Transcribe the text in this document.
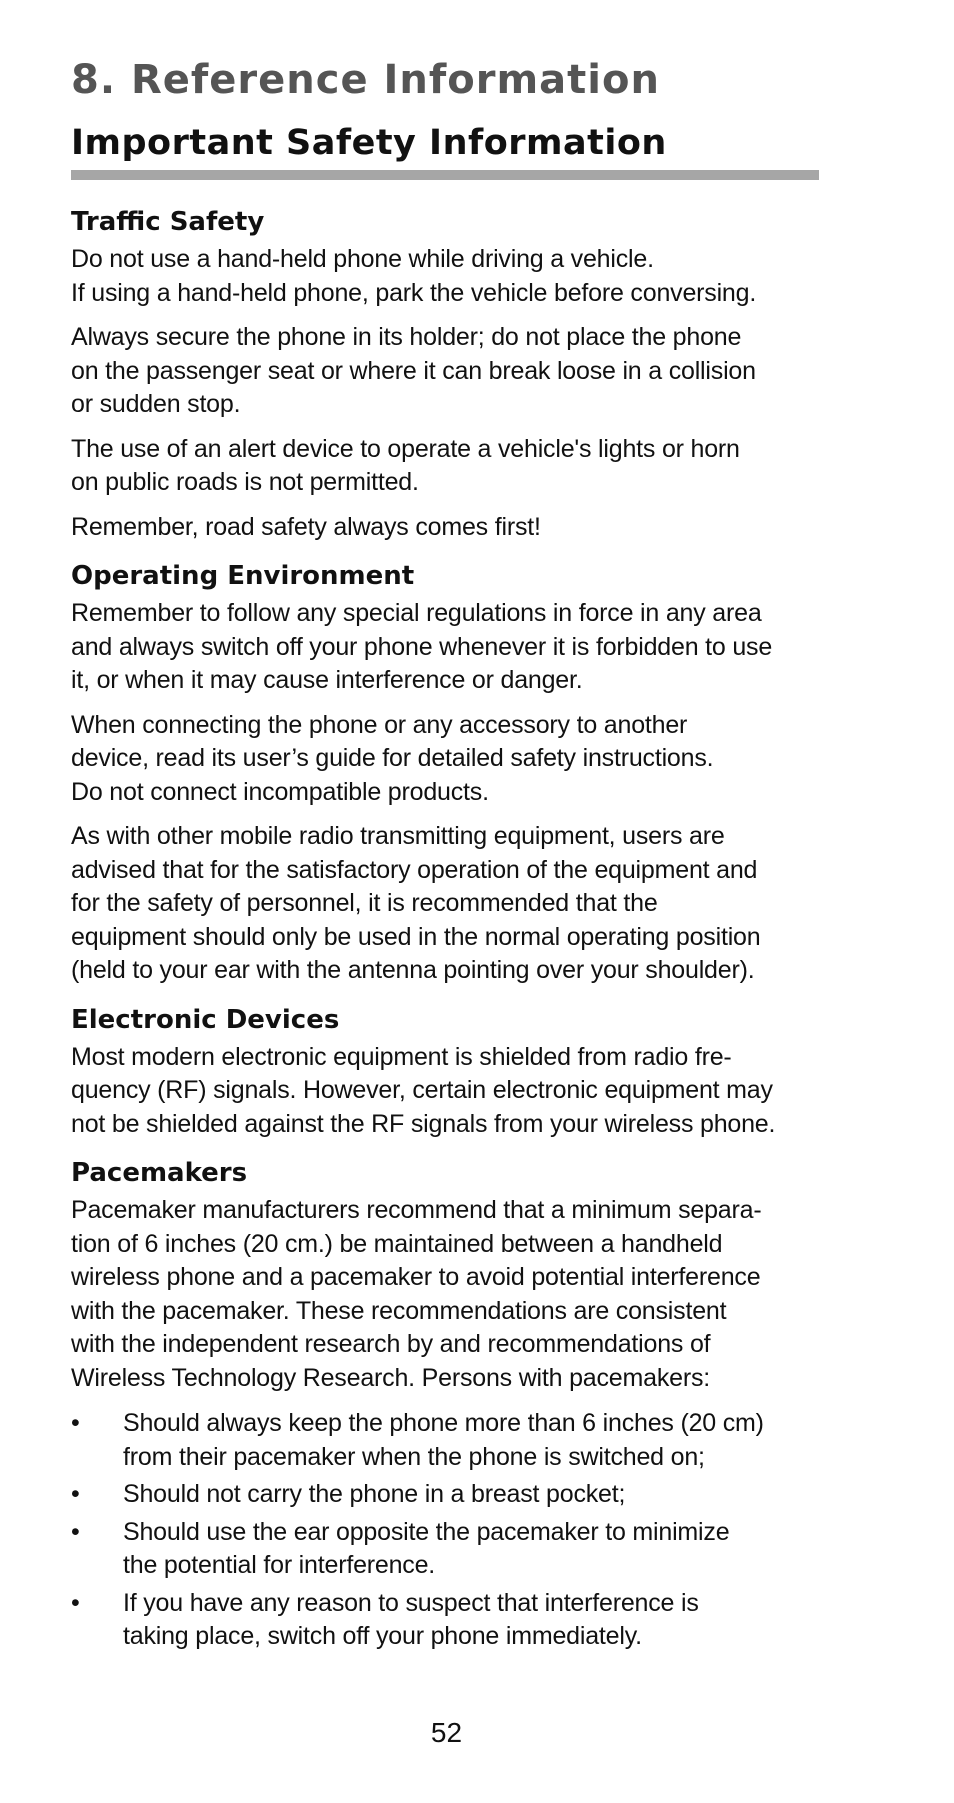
8. Reference Information
Important Safety Information
Traffic Safety

Do not use a hand-held phone while driving a vehicle.
If using a hand-held phone, park the vehicle before conversing.

Always secure the phone in its holder; do not place the phone
on the passenger seat or where it can break loose in a collision
or sudden stop.

The use of an alert device to operate a vehicle's lights or horn
on public roads is not permitted.

Remember, road safety always comes first!

Operating Environment

Remember to follow any special regulations in force in any area
and always switch off your phone whenever it is forbidden to use
it, or when it may cause interference or danger.

When connecting the phone or any accessory to another
device, read its user’s guide for detailed safety instructions.
Do not connect incompatible products.

As with other mobile radio transmitting equipment, users are
advised that for the satisfactory operation of the equipment and
for the safety of personnel, it is recommended that the
equipment should only be used in the normal operating position
(held to your ear with the antenna pointing over your shoulder).

Electronic Devices

Most modern electronic equipment is shielded from radio fre-
quency (RF) signals. However, certain electronic equipment may
not be shielded against the RF signals from your wireless phone.

Pacemakers

Pacemaker manufacturers recommend that a minimum separa-
tion of 6 inches (20 cm.) be maintained between a handheld
wireless phone and a pacemaker to avoid potential interference
with the pacemaker. These recommendations are consistent
with the independent research by and recommendations of
Wireless Technology Research. Persons with pacemakers:

•	Should always keep the phone more than 6 inches (20 cm)
from their pacemaker when the phone is switched on;
•	Should not carry the phone in a breast pocket;
•	Should use the ear opposite the pacemaker to minimize
the potential for interference.
•	If you have any reason to suspect that interference is
taking place, switch off your phone immediately.
52
